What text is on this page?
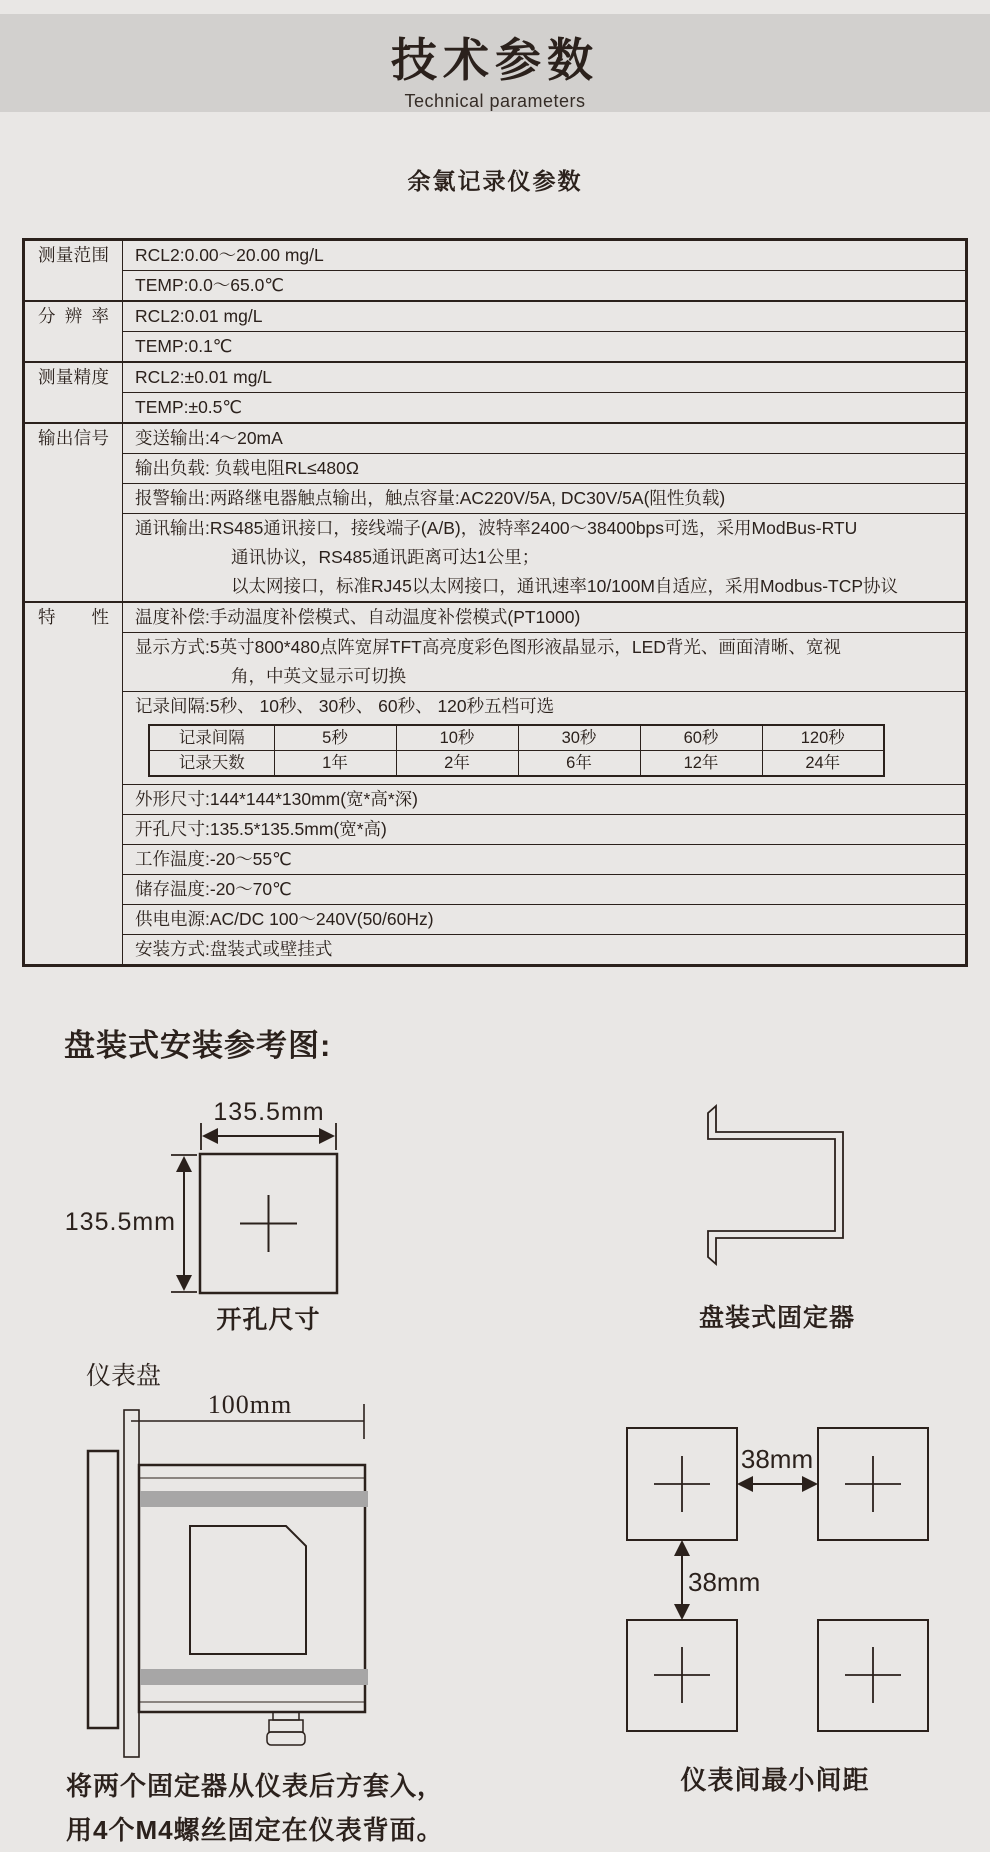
技术参数
Technical parameters
余氯记录仪参数
测量范围	RCL2:0.00～20.00 mg/L

TEMP:0.0～65.0℃

分辨率	RCL2:0.01 mg/L

TEMP:0.1℃

测量精度	RCL2:±0.01 mg/L

TEMP:±0.5℃

输出信号	变送输出:4～20mA

输出负载: 负载电阻RL≤480Ω

报警输出:两路继电器触点输出，触点容量:AC220V/5A, DC30V/5A(阻性负载)

通讯输出:RS485通讯接口，接线端子(A/B)，波特率2400～38400bps可选，采用ModBus-RTU
通讯协议，RS485通讯距离可达1公里；
以太网接口，标准RJ45以太网接口，通讯速率10/100M自适应，采用Modbus-TCP协议

特性	温度补偿:手动温度补偿模式、自动温度补偿模式(PT1000)

显示方式:5英寸800*480点阵宽屏TFT高亮度彩色图形液晶显示，LED背光、画面清晰、宽视
角，中英文显示可切换

记录间隔:5秒、 10秒、 30秒、 60秒、 120秒五档可选
记录间隔	5秒	10秒	30秒	60秒	120秒
记录天数	1年	2年	6年	12年	24年

外形尺寸:144*144*130mm(宽*高*深)

开孔尺寸:135.5*135.5mm(宽*高)

工作温度:-20～55℃

储存温度:-20～70℃

供电电源:AC/DC 100～240V(50/60Hz)

安装方式:盘装式或壁挂式
盘装式安装参考图:
135.5mm
135.5mm
开孔尺寸	盘装式固定器
仪表盘
100mm
38mm
38mm
仪表间最小间距
将两个固定器从仪表后方套入，
用4个M4螺丝固定在仪表背面。
